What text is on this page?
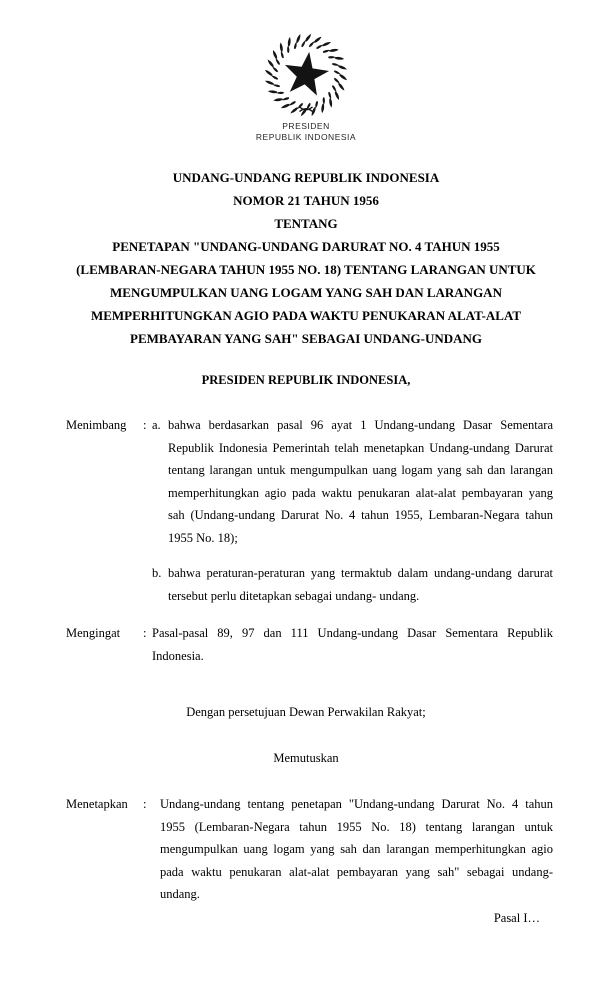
PRESIDEN
REPUBLIK INDONESIA
UNDANG-UNDANG REPUBLIK INDONESIA
NOMOR 21 TAHUN 1956
TENTANG
PENETAPAN "UNDANG-UNDANG DARURAT NO. 4 TAHUN 1955
(LEMBARAN-NEGARA TAHUN 1955 NO. 18) TENTANG LARANGAN UNTUK
MENGUMPULKAN UANG LOGAM YANG SAH DAN LARANGAN
MEMPERHITUNGKAN AGIO PADA WAKTU PENUKARAN ALAT-ALAT
PEMBAYARAN YANG SAH" SEBAGAI UNDANG-UNDANG
PRESIDEN REPUBLIK INDONESIA,
Menimbang	: a. bahwa berdasarkan pasal 96 ayat 1 Undang-undang Dasar Sementara Republik Indonesia Pemerintah telah menetapkan Undang-undang Darurat tentang larangan untuk mengumpulkan uang logam yang sah dan larangan memperhitungkan agio pada waktu penukaran alat-alat pembayaran yang sah (Undang-undang Darurat No. 4 tahun 1955, Lembaran-Negara tahun 1955 No. 18);
b. bahwa peraturan-peraturan yang termaktub dalam undang-undang darurat tersebut perlu ditetapkan sebagai undang- undang.
Mengingat	: Pasal-pasal 89, 97 dan 111 Undang-undang Dasar Sementara Republik Indonesia.
Dengan persetujuan Dewan Perwakilan Rakyat;
Memutuskan
Menetapkan	:	Undang-undang tentang penetapan "Undang-undang Darurat No. 4 tahun 1955 (Lembaran-Negara tahun 1955 No. 18) tentang larangan untuk mengumpulkan uang logam yang sah dan larangan memperhitungkan agio pada waktu penukaran alat-alat pembayaran yang sah" sebagai undang-undang.
Pasal I…
